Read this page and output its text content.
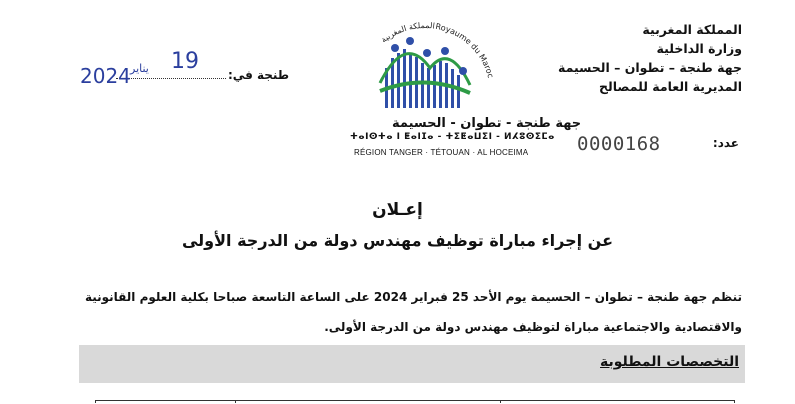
المملكة المغربية
وزارة الداخلية
جهة طنجة – تطوان – الحسيمة
المديرية العامة للمصالح
عدد:
0000168
طنجة في:
19
يناير
2024
Royaume du Maroc
المملكة المغربية
جهة طنجة - تطوان - الحسيمة
ⵜⴰⵏⵙⵜⴰ ⵏ ⵟⴰⵏⵊⴰ - ⵜⵉⵟⴰⵡⵉⵏ - ⵍⵃⵓⵙⵉⵎⴰ
RÉGION TANGER · TÉTOUAN · AL HOCEIMA
إعـلان
عن إجراء مباراة توظيف مهندس دولة من الدرجة الأولى
تنظم جهة طنجة – تطوان – الحسيمة يوم الأحد 25 فبراير 2024 على الساعة التاسعة صباحا بكلية العلوم القانونية
والاقتصادية والاجتماعية مباراة لتوظيف مهندس دولة من الدرجة الأولى.
التخصصات المطلوبة
